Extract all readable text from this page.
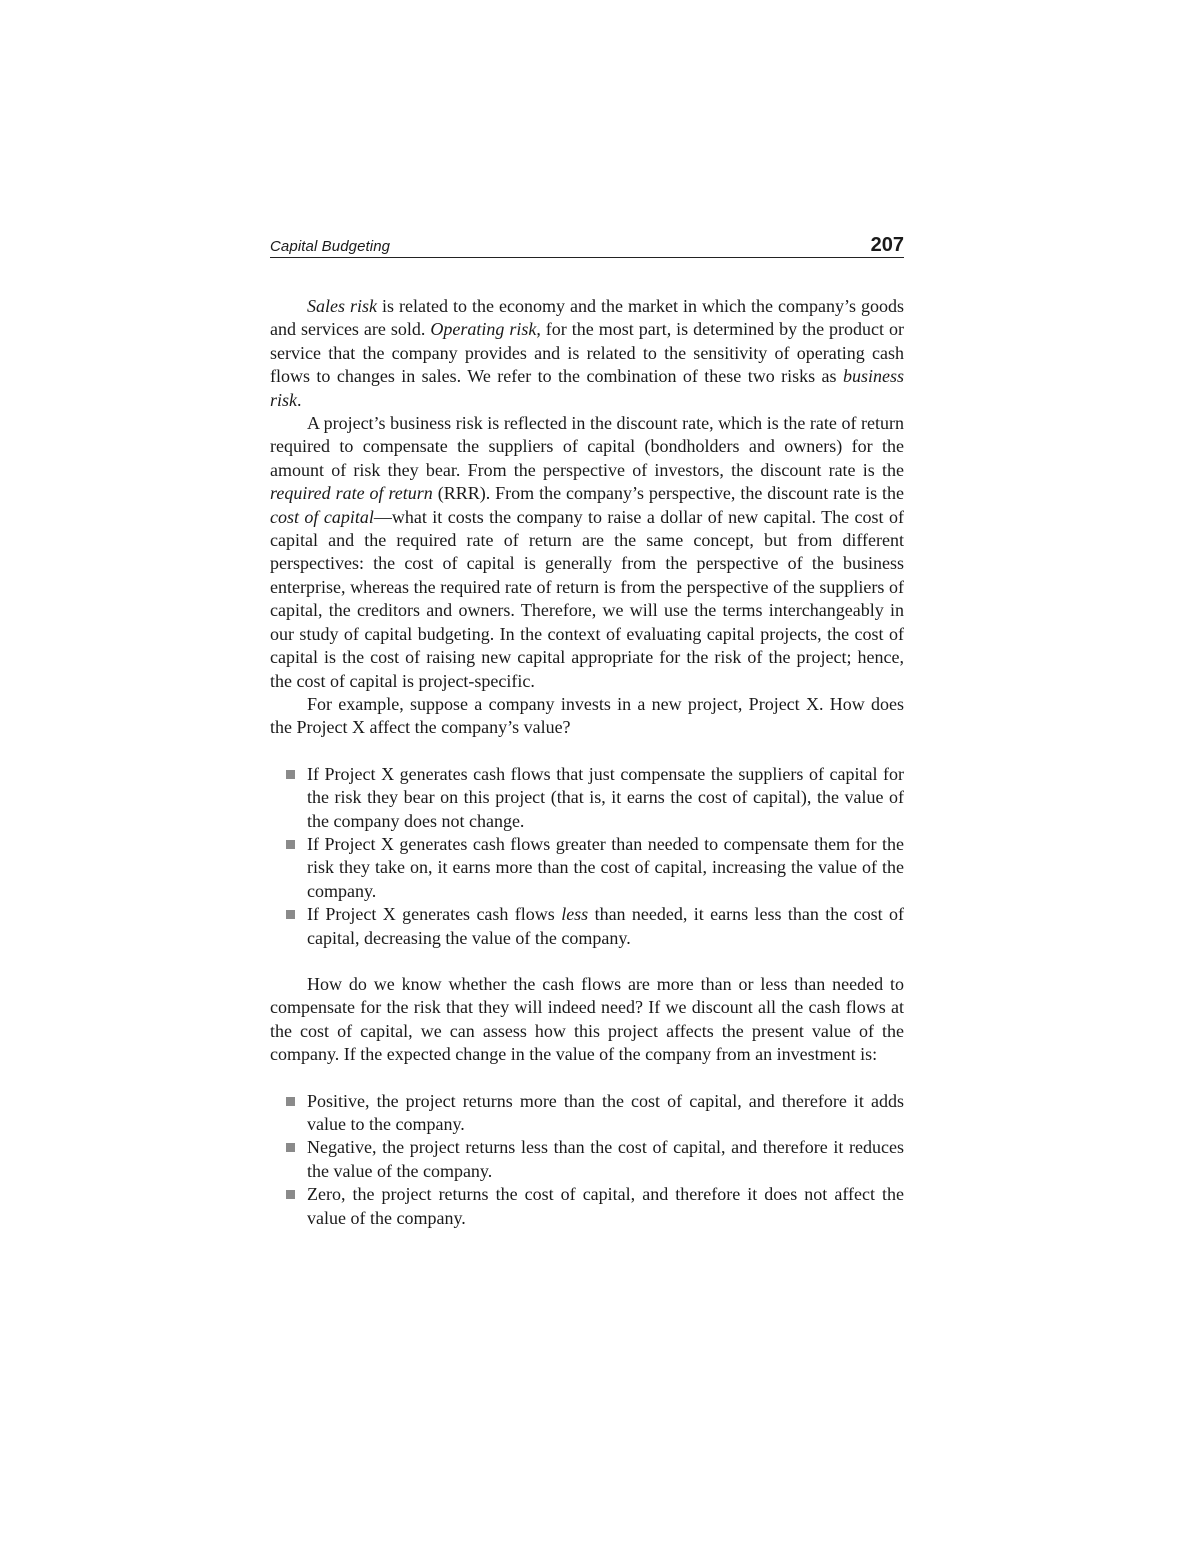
Capital Budgeting	207

Sales risk is related to the economy and the market in which the company’s goods and services are sold. Operating risk, for the most part, is determined by the product or service that the company provides and is related to the sensitivity of operating cash flows to changes in sales. We refer to the combination of these two risks as business risk.

A project’s business risk is reflected in the discount rate, which is the rate of return required to compensate the suppliers of capital (bondholders and owners) for the amount of risk they bear. From the perspective of investors, the discount rate is the required rate of return (RRR). From the company’s perspective, the discount rate is the cost of capital—what it costs the company to raise a dollar of new capital. The cost of capital and the required rate of return are the same concept, but from different perspectives: the cost of capital is generally from the perspective of the business enterprise, whereas the required rate of return is from the perspective of the suppliers of capital, the creditors and owners. Therefore, we will use the terms interchangeably in our study of capital budgeting. In the context of evaluating capital projects, the cost of capital is the cost of raising new capital appropriate for the risk of the project; hence, the cost of capital is project-specific.

For example, suppose a company invests in a new project, Project X. How does the Project X affect the company’s value?

If Project X generates cash flows that just compensate the suppliers of capital for the risk they bear on this project (that is, it earns the cost of capital), the value of the company does not change.
If Project X generates cash flows greater than needed to compensate them for the risk they take on, it earns more than the cost of capital, increasing the value of the company.
If Project X generates cash flows less than needed, it earns less than the cost of capital, decreasing the value of the company.

How do we know whether the cash flows are more than or less than needed to compensate for the risk that they will indeed need? If we discount all the cash flows at the cost of capital, we can assess how this project affects the present value of the company. If the expected change in the value of the company from an investment is:

Positive, the project returns more than the cost of capital, and therefore it adds value to the company.
Negative, the project returns less than the cost of capital, and therefore it reduces the value of the company.
Zero, the project returns the cost of capital, and therefore it does not affect the value of the company.
